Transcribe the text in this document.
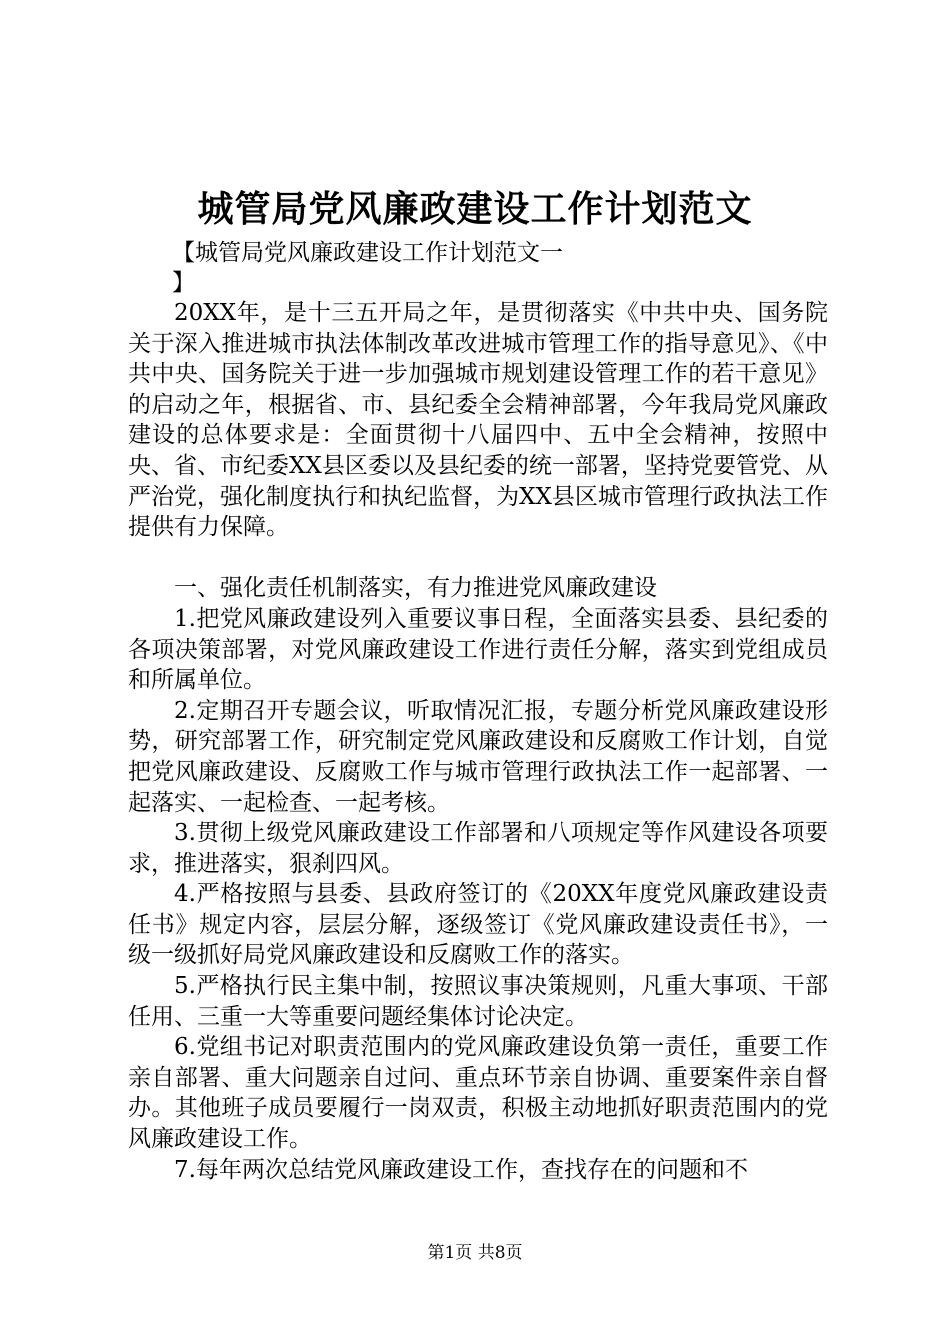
城管局党风廉政建设工作计划范文
【城管局党风廉政建设工作计划范文一
】

20XX年，是十三五开局之年，是贯彻落实《中共中央、国务院关于深入推进城市执法体制改革改进城市管理工作的指导意见》、《中共中央、国务院关于进一步加强城市规划建设管理工作的若干意见》的启动之年，根据省、市、县纪委全会精神部署，今年我局党风廉政建设的总体要求是：全面贯彻十八届四中、五中全会精神，按照中央、省、市纪委XX县区委以及县纪委的统一部署，坚持党要管党、从严治党，强化制度执行和执纪监督，为XX县区城市管理行政执法工作提供有力保障。

一、强化责任机制落实，有力推进党风廉政建设

1.把党风廉政建设列入重要议事日程，全面落实县委、县纪委的各项决策部署，对党风廉政建设工作进行责任分解，落实到党组成员和所属单位。

2.定期召开专题会议，听取情况汇报，专题分析党风廉政建设形势，研究部署工作，研究制定党风廉政建设和反腐败工作计划，自觉把党风廉政建设、反腐败工作与城市管理行政执法工作一起部署、一起落实、一起检查、一起考核。

3.贯彻上级党风廉政建设工作部署和八项规定等作风建设各项要求，推进落实，狠刹四风。

4.严格按照与县委、县政府签订的《20XX年度党风廉政建设责任书》规定内容，层层分解，逐级签订《党风廉政建设责任书》，一级一级抓好局党风廉政建设和反腐败工作的落实。

5.严格执行民主集中制，按照议事决策规则，凡重大事项、干部任用、三重一大等重要问题经集体讨论决定。

6.党组书记对职责范围内的党风廉政建设负第一责任，重要工作亲自部署、重大问题亲自过问、重点环节亲自协调、重要案件亲自督办。其他班子成员要履行一岗双责，积极主动地抓好职责范围内的党风廉政建设工作。

7.每年两次总结党风廉政建设工作，查找存在的问题和不

第1页 共8页
